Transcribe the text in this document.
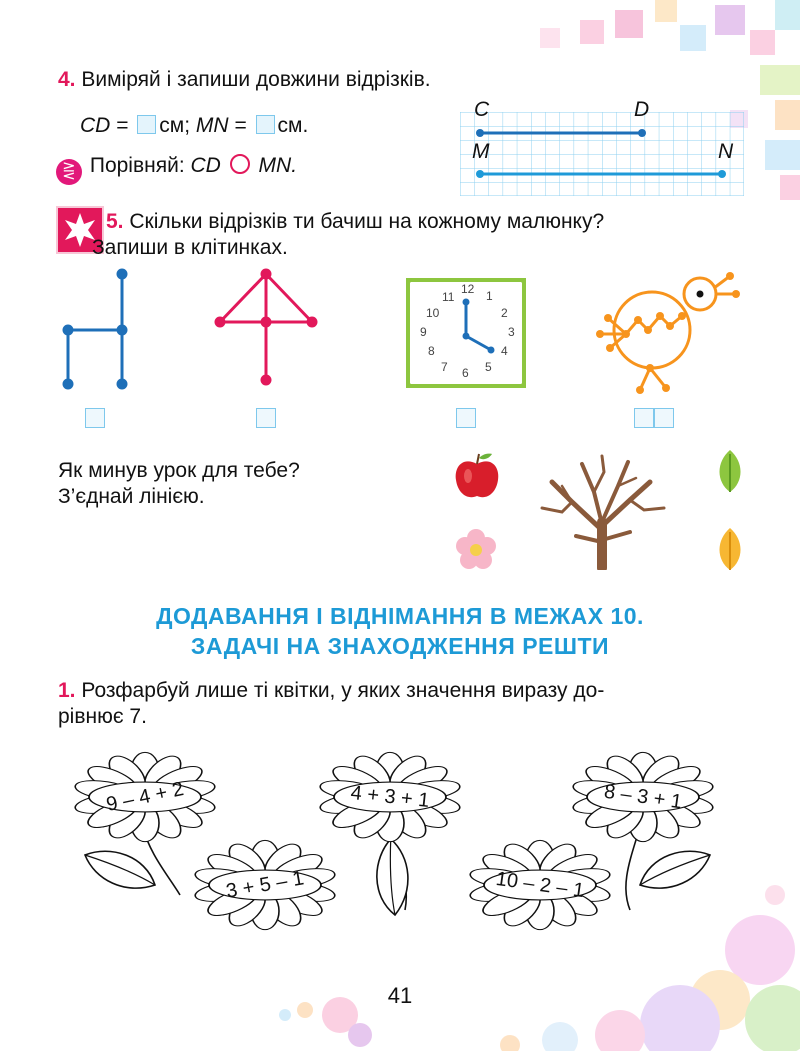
4. Виміряй і запиши довжини відрізків.
CD = см; MN = см.
⋛ Порівняй: CD MN.
C	D
M	N
5. Скільки відрізків ти бачиш на кожному малюнку?
Запиши в клітинках.
12 1
2
3
4
5
6
7
8
9
10
11
Як минув урок для тебе?
З’єднай лінією.
ДОДАВАННЯ І ВІДНІМАННЯ В МЕЖАХ 10.
ЗАДАЧІ НА ЗНАХОДЖЕННЯ РЕШТИ
1. Розфарбуй лише ті квітки, у яких значення виразу до-
рівнює 7.
9 – 4 + 2	4 + 3 + 1	8 – 3 + 1
3 + 5 – 1	10 – 2 – 1
41
